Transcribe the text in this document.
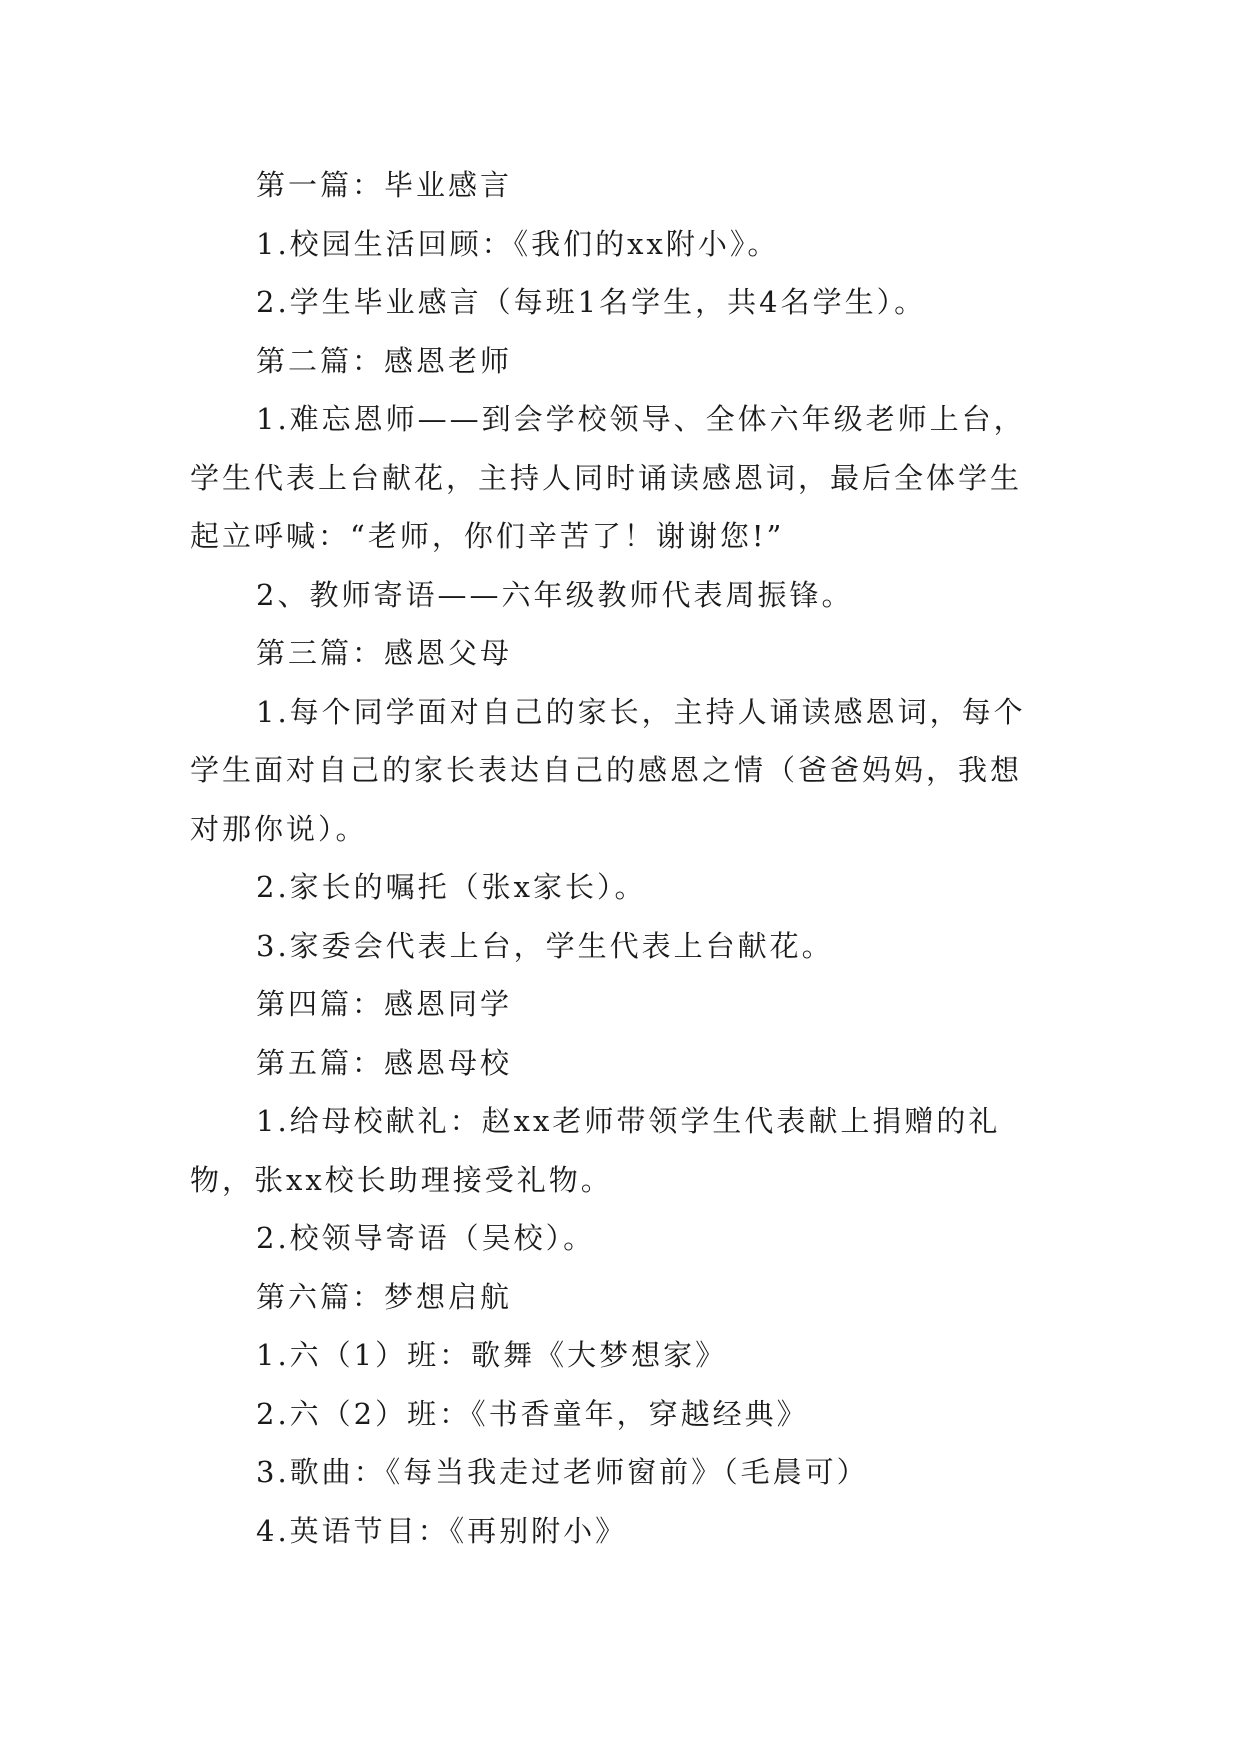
第一篇：毕业感言

1.校园生活回顾：《我们的xx附小》。

2.学生毕业感言（每班1名学生，共4名学生）。

第二篇：感恩老师

1.难忘恩师——到会学校领导、全体六年级老师上台，学生代表上台献花，主持人同时诵读感恩词，最后全体学生起立呼喊：“老师，你们辛苦了！谢谢您!”

2、教师寄语——六年级教师代表周振锋。

第三篇：感恩父母

1.每个同学面对自己的家长，主持人诵读感恩词，每个学生面对自己的家长表达自己的感恩之情（爸爸妈妈，我想对那你说）。

2.家长的嘱托（张x家长）。

3.家委会代表上台，学生代表上台献花。

第四篇：感恩同学

第五篇：感恩母校

1.给母校献礼：赵xx老师带领学生代表献上捐赠的礼物，张xx校长助理接受礼物。

2.校领导寄语（吴校）。

第六篇：梦想启航

1.六（1）班：歌舞《大梦想家》

2.六（2）班：《书香童年，穿越经典》

3.歌曲：《每当我走过老师窗前》（毛晨可）

4.英语节目：《再别附小》
